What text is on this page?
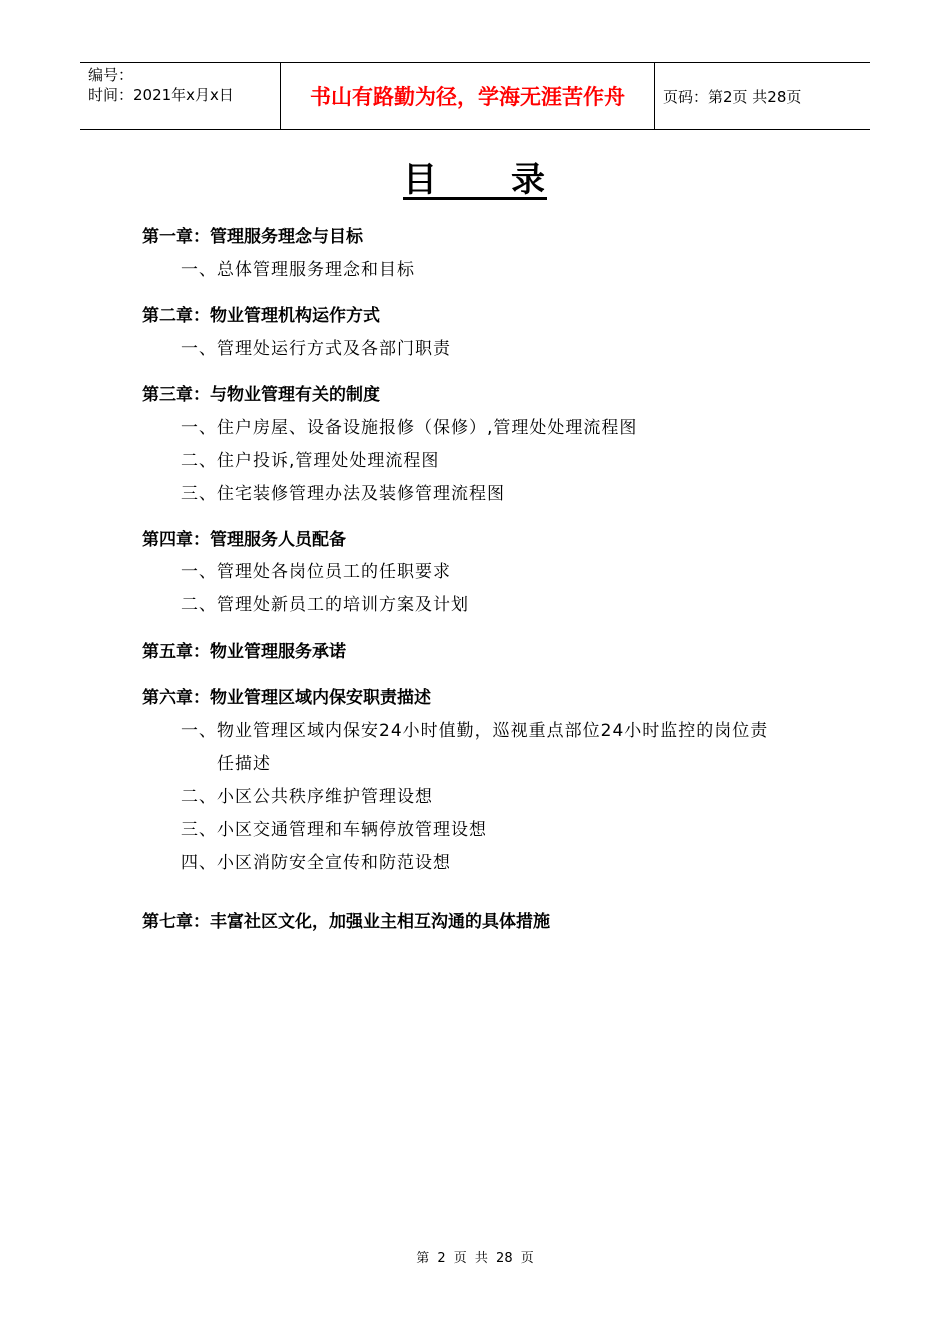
编号：
时间：2021年x月x日	书山有路勤为径，学海无涯苦作舟	页码：第2页 共28页
目　　录
第一章：管理服务理念与目标
一、总体管理服务理念和目标
第二章：物业管理机构运作方式
一、管理处运行方式及各部门职责
第三章：与物业管理有关的制度
一、住户房屋、设备设施报修（保修）,管理处处理流程图
二、住户投诉,管理处处理流程图
三、住宅装修管理办法及装修管理流程图
第四章：管理服务人员配备
一、管理处各岗位员工的任职要求
二、管理处新员工的培训方案及计划
第五章：物业管理服务承诺
第六章：物业管理区域内保安职责描述
一、物业管理区域内保安24小时值勤，巡视重点部位24小时监控的岗位责
任描述
二、小区公共秩序维护管理设想
三、小区交通管理和车辆停放管理设想
四、小区消防安全宣传和防范设想
第七章：丰富社区文化，加强业主相互沟通的具体措施
第 2 页 共 28 页
